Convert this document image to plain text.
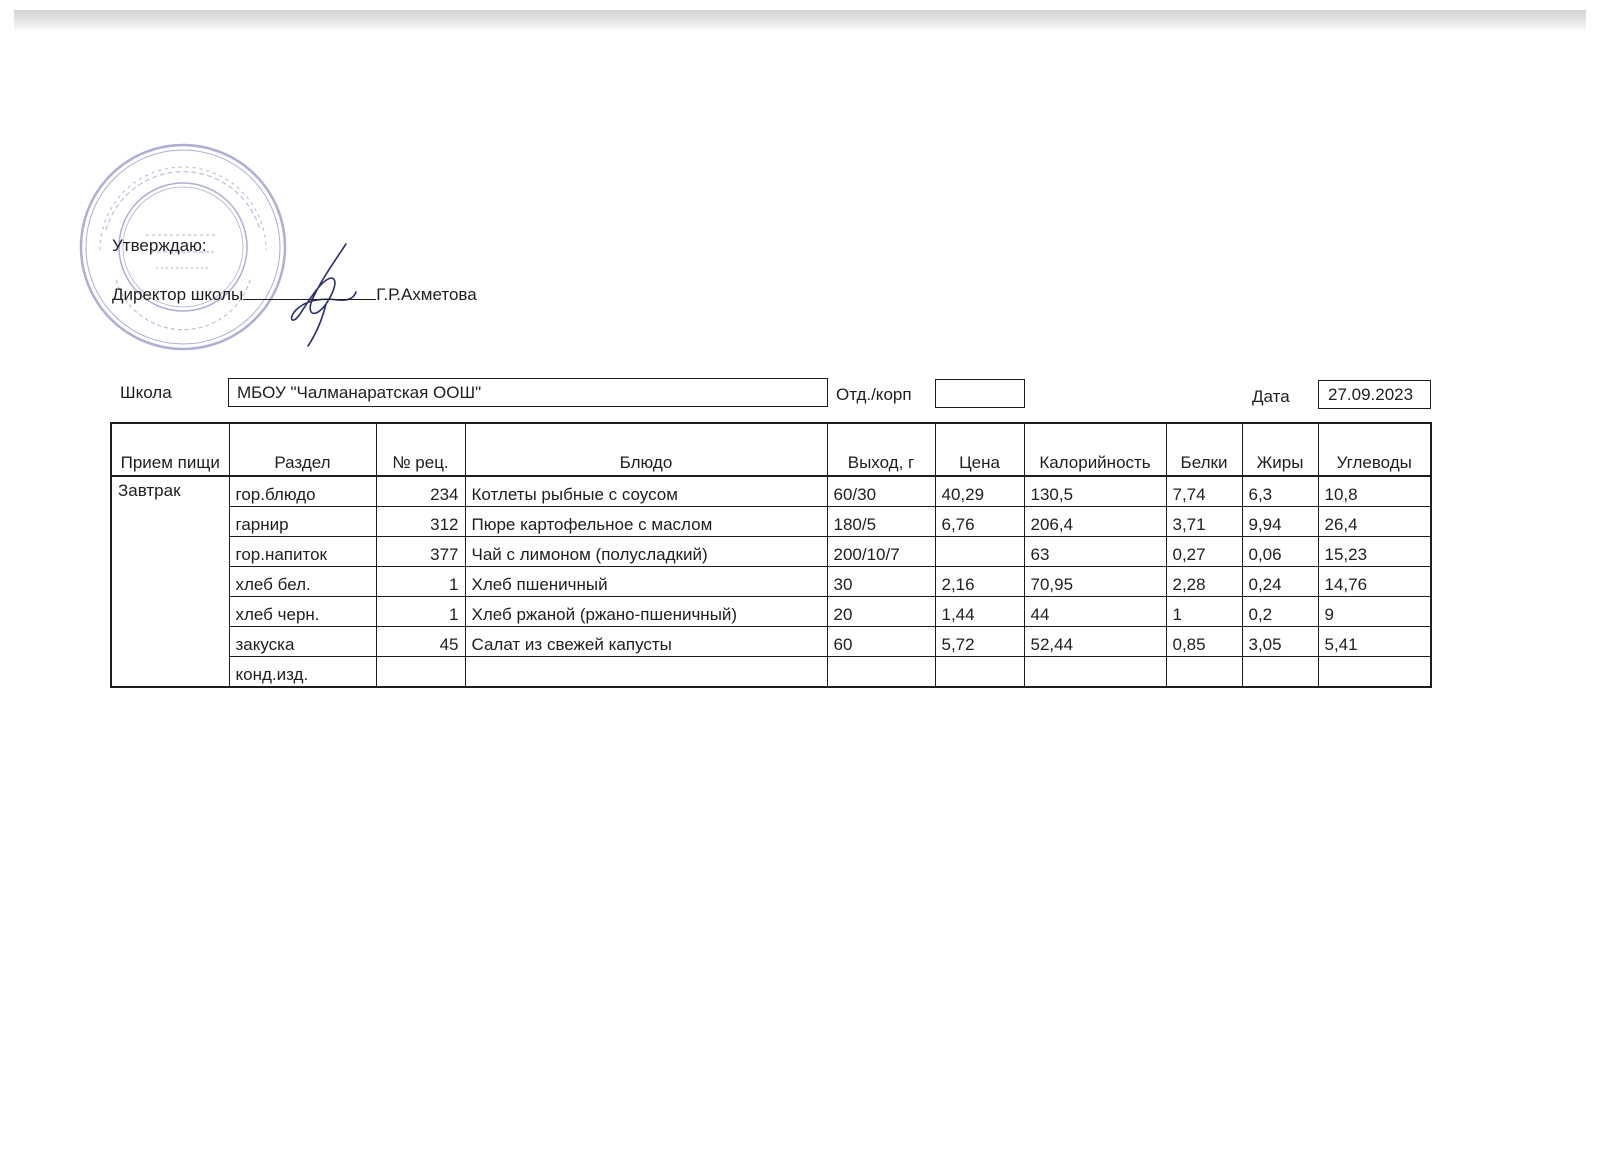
Утверждаю:
Директор школы	Г.Р.Ахметова
Школа	МБОУ "Чалманаратская ООШ"	Отд./корп	Дата	27.09.2023
Прием пищи	Раздел	№ рец.	Блюдо	Выход, г	Цена	Калорийность	Белки	Жиры	Углеводы
Завтрак	гор.блюдо	234	Котлеты рыбные с соусом	60/30	40,29	130,5	7,74	6,3	10,8
	гарнир	312	Пюре картофельное с маслом	180/5	6,76	206,4	3,71	9,94	26,4
	гор.напиток	377	Чай с лимоном (полусладкий)	200/10/7		63	0,27	0,06	15,23
	хлеб бел.	1	Хлеб пшеничный	30	2,16	70,95	2,28	0,24	14,76
	хлеб черн.	1	Хлеб ржаной (ржано-пшеничный)	20	1,44	44	1	0,2	9
	закуска	45	Салат из свежей капусты	60	5,72	52,44	0,85	3,05	5,41
	конд.изд.								
